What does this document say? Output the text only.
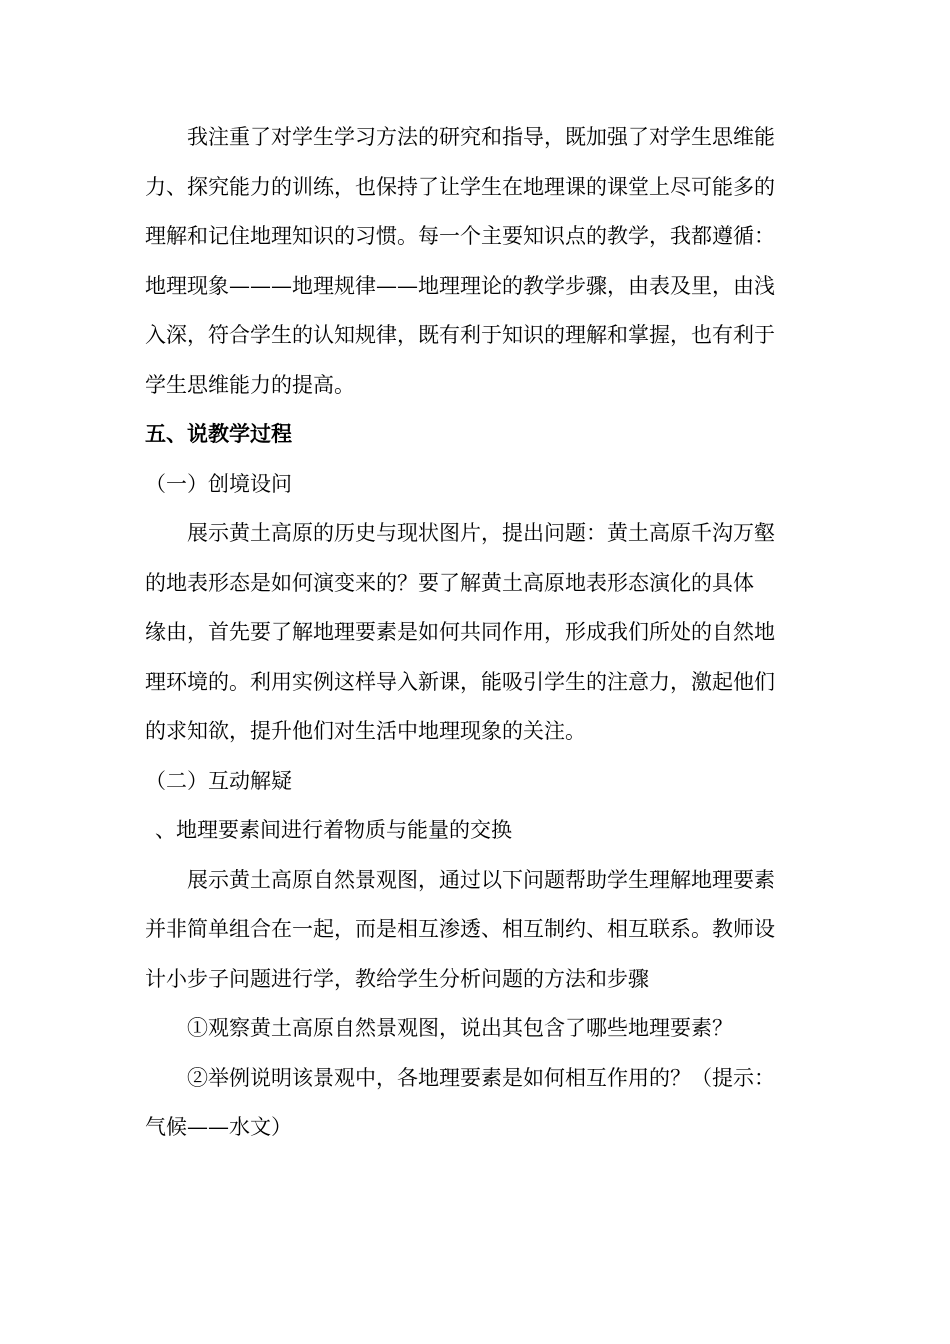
我注重了对学生学习方法的研究和指导，既加强了对学生思维能
力、探究能力的训练，也保持了让学生在地理课的课堂上尽可能多的
理解和记住地理知识的习惯。每一个主要知识点的教学，我都遵循：
地理现象———地理规律——地理理论的教学步骤，由表及里，由浅
入深，符合学生的认知规律，既有利于知识的理解和掌握，也有利于
学生思维能力的提高。

五、说教学过程

（一）创境设问

展示黄土高原的历史与现状图片，提出问题：黄土高原千沟万壑
的地表形态是如何演变来的？要了解黄土高原地表形态演化的具体
缘由，首先要了解地理要素是如何共同作用，形成我们所处的自然地
理环境的。利用实例这样导入新课，能吸引学生的注意力，激起他们
的求知欲，提升他们对生活中地理现象的关注。

（二）互动解疑

、地理要素间进行着物质与能量的交换

展示黄土高原自然景观图，通过以下问题帮助学生理解地理要素
并非简单组合在一起，而是相互渗透、相互制约、相互联系。教师设
计小步子问题进行学，教给学生分析问题的方法和步骤

①观察黄土高原自然景观图，说出其包含了哪些地理要素？

②举例说明该景观中，各地理要素是如何相互作用的？（提示：
气候——水文）
